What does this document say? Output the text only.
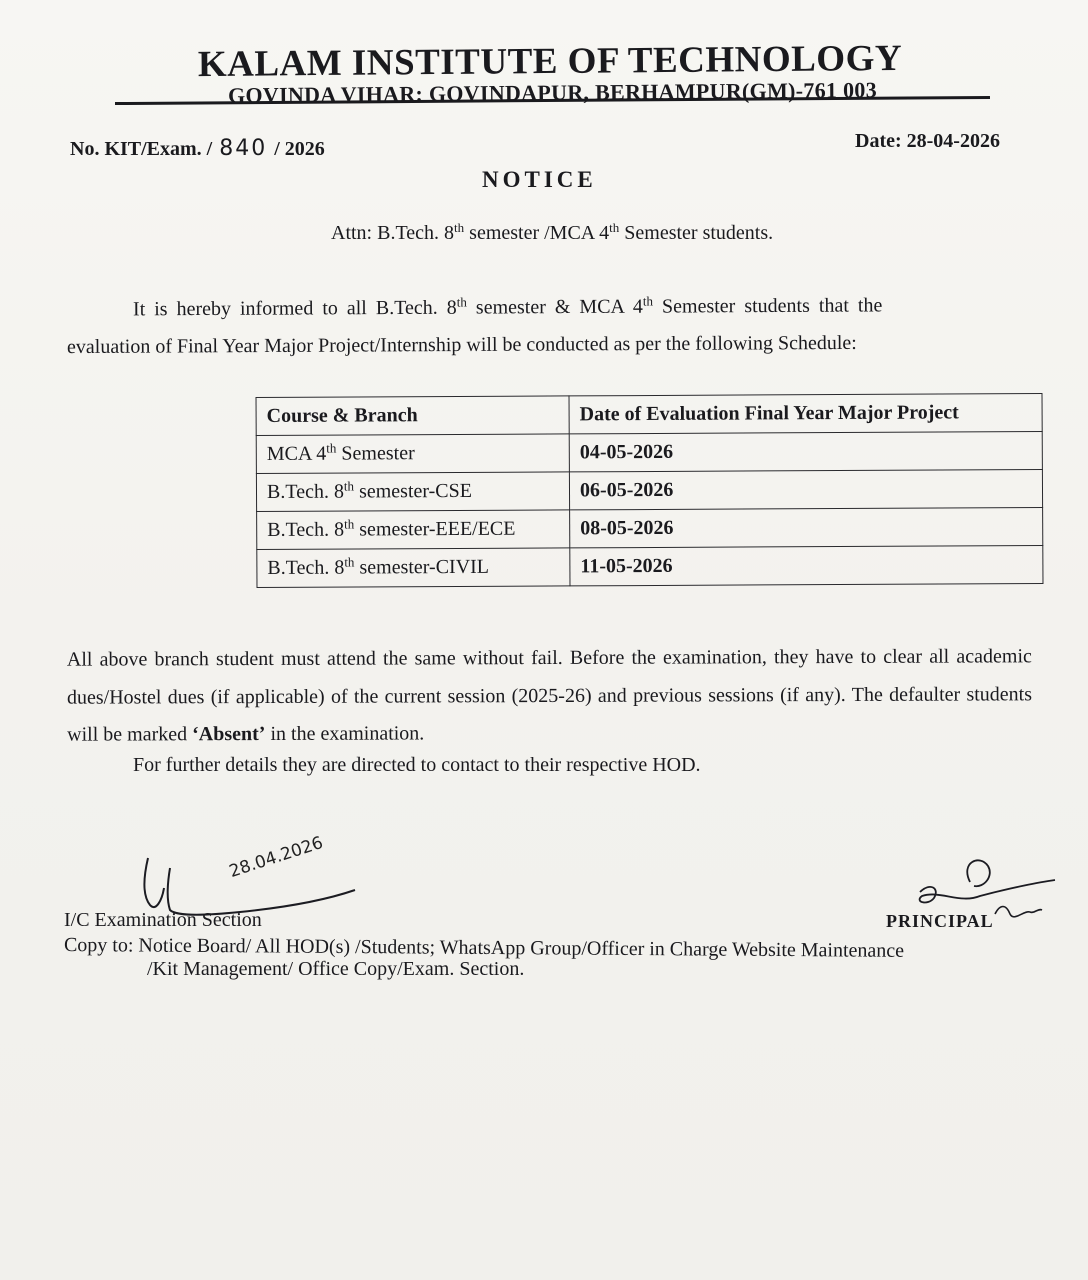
KALAM INSTITUTE OF TECHNOLOGY
GOVINDA VIHAR: GOVINDAPUR, BERHAMPUR(GM)-761 003
No. KIT/Exam. / 840 / 2026	Date: 28-04-2026
NOTICE
Attn: B.Tech. 8th semester /MCA 4th Semester students.
It is hereby informed to all B.Tech. 8th semester & MCA 4th Semester students that the
evaluation of Final Year Major Project/Internship will be conducted as per the following Schedule:
Course & Branch	Date of Evaluation Final Year Major Project
MCA 4th Semester	04-05-2026
B.Tech. 8th semester-CSE	06-05-2026
B.Tech. 8th semester-EEE/ECE	08-05-2026
B.Tech. 8th semester-CIVIL	11-05-2026
All above branch student must attend the same without fail. Before the examination, they have to clear all academic dues/Hostel dues (if applicable) of the current session (2025-26) and previous sessions (if any). The defaulter students will be marked ‘Absent’ in the examination.
For further details they are directed to contact to their respective HOD.
28.04.2026
I/C Examination Section	PRINCIPAL
Copy to: Notice Board/ All HOD(s) /Students; WhatsApp Group/Officer in Charge Website Maintenance
/Kit Management/ Office Copy/Exam. Section.
